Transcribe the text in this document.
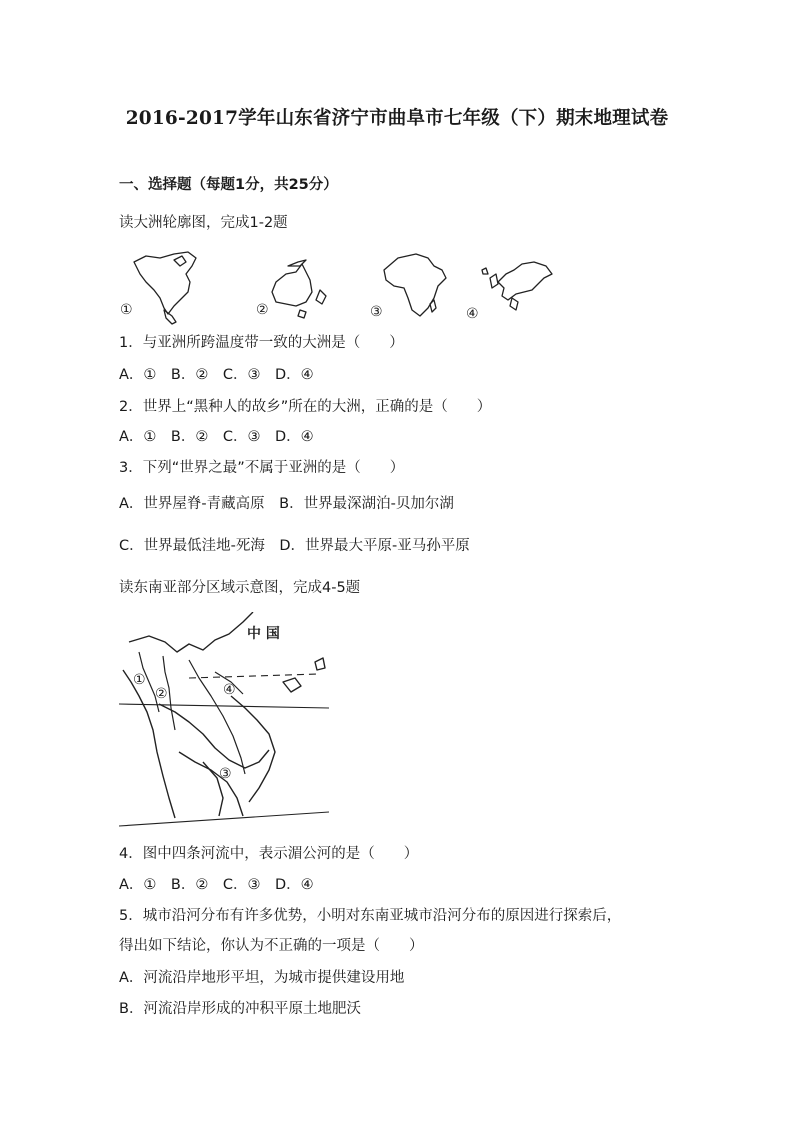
2016-2017学年山东省济宁市曲阜市七年级（下）期末地理试卷
一、选择题（每题1分，共25分）
读大洲轮廓图，完成1-2题
①	②	③	④
1．与亚洲所跨温度带一致的大洲是（　　）
A．①　B．②　C．③　D．④
2．世界上“黑种人的故乡”所在的大洲，正确的是（　　）
A．①　B．②　C．③　D．④
3．下列“世界之最”不属于亚洲的是（　　）
A．世界屋脊-青藏高原　B．世界最深湖泊-贝加尔湖
C．世界最低洼地-死海　D．世界最大平原-亚马孙平原
读东南亚部分区域示意图，完成4-5题
中 国
①
②
③
④
4．图中四条河流中，表示湄公河的是（　　）
A．①　B．②　C．③　D．④
5．城市沿河分布有许多优势，小明对东南亚城市沿河分布的原因进行探索后，
得出如下结论，你认为不正确的一项是（　　）
A．河流沿岸地形平坦，为城市提供建设用地
B．河流沿岸形成的冲积平原土地肥沃
